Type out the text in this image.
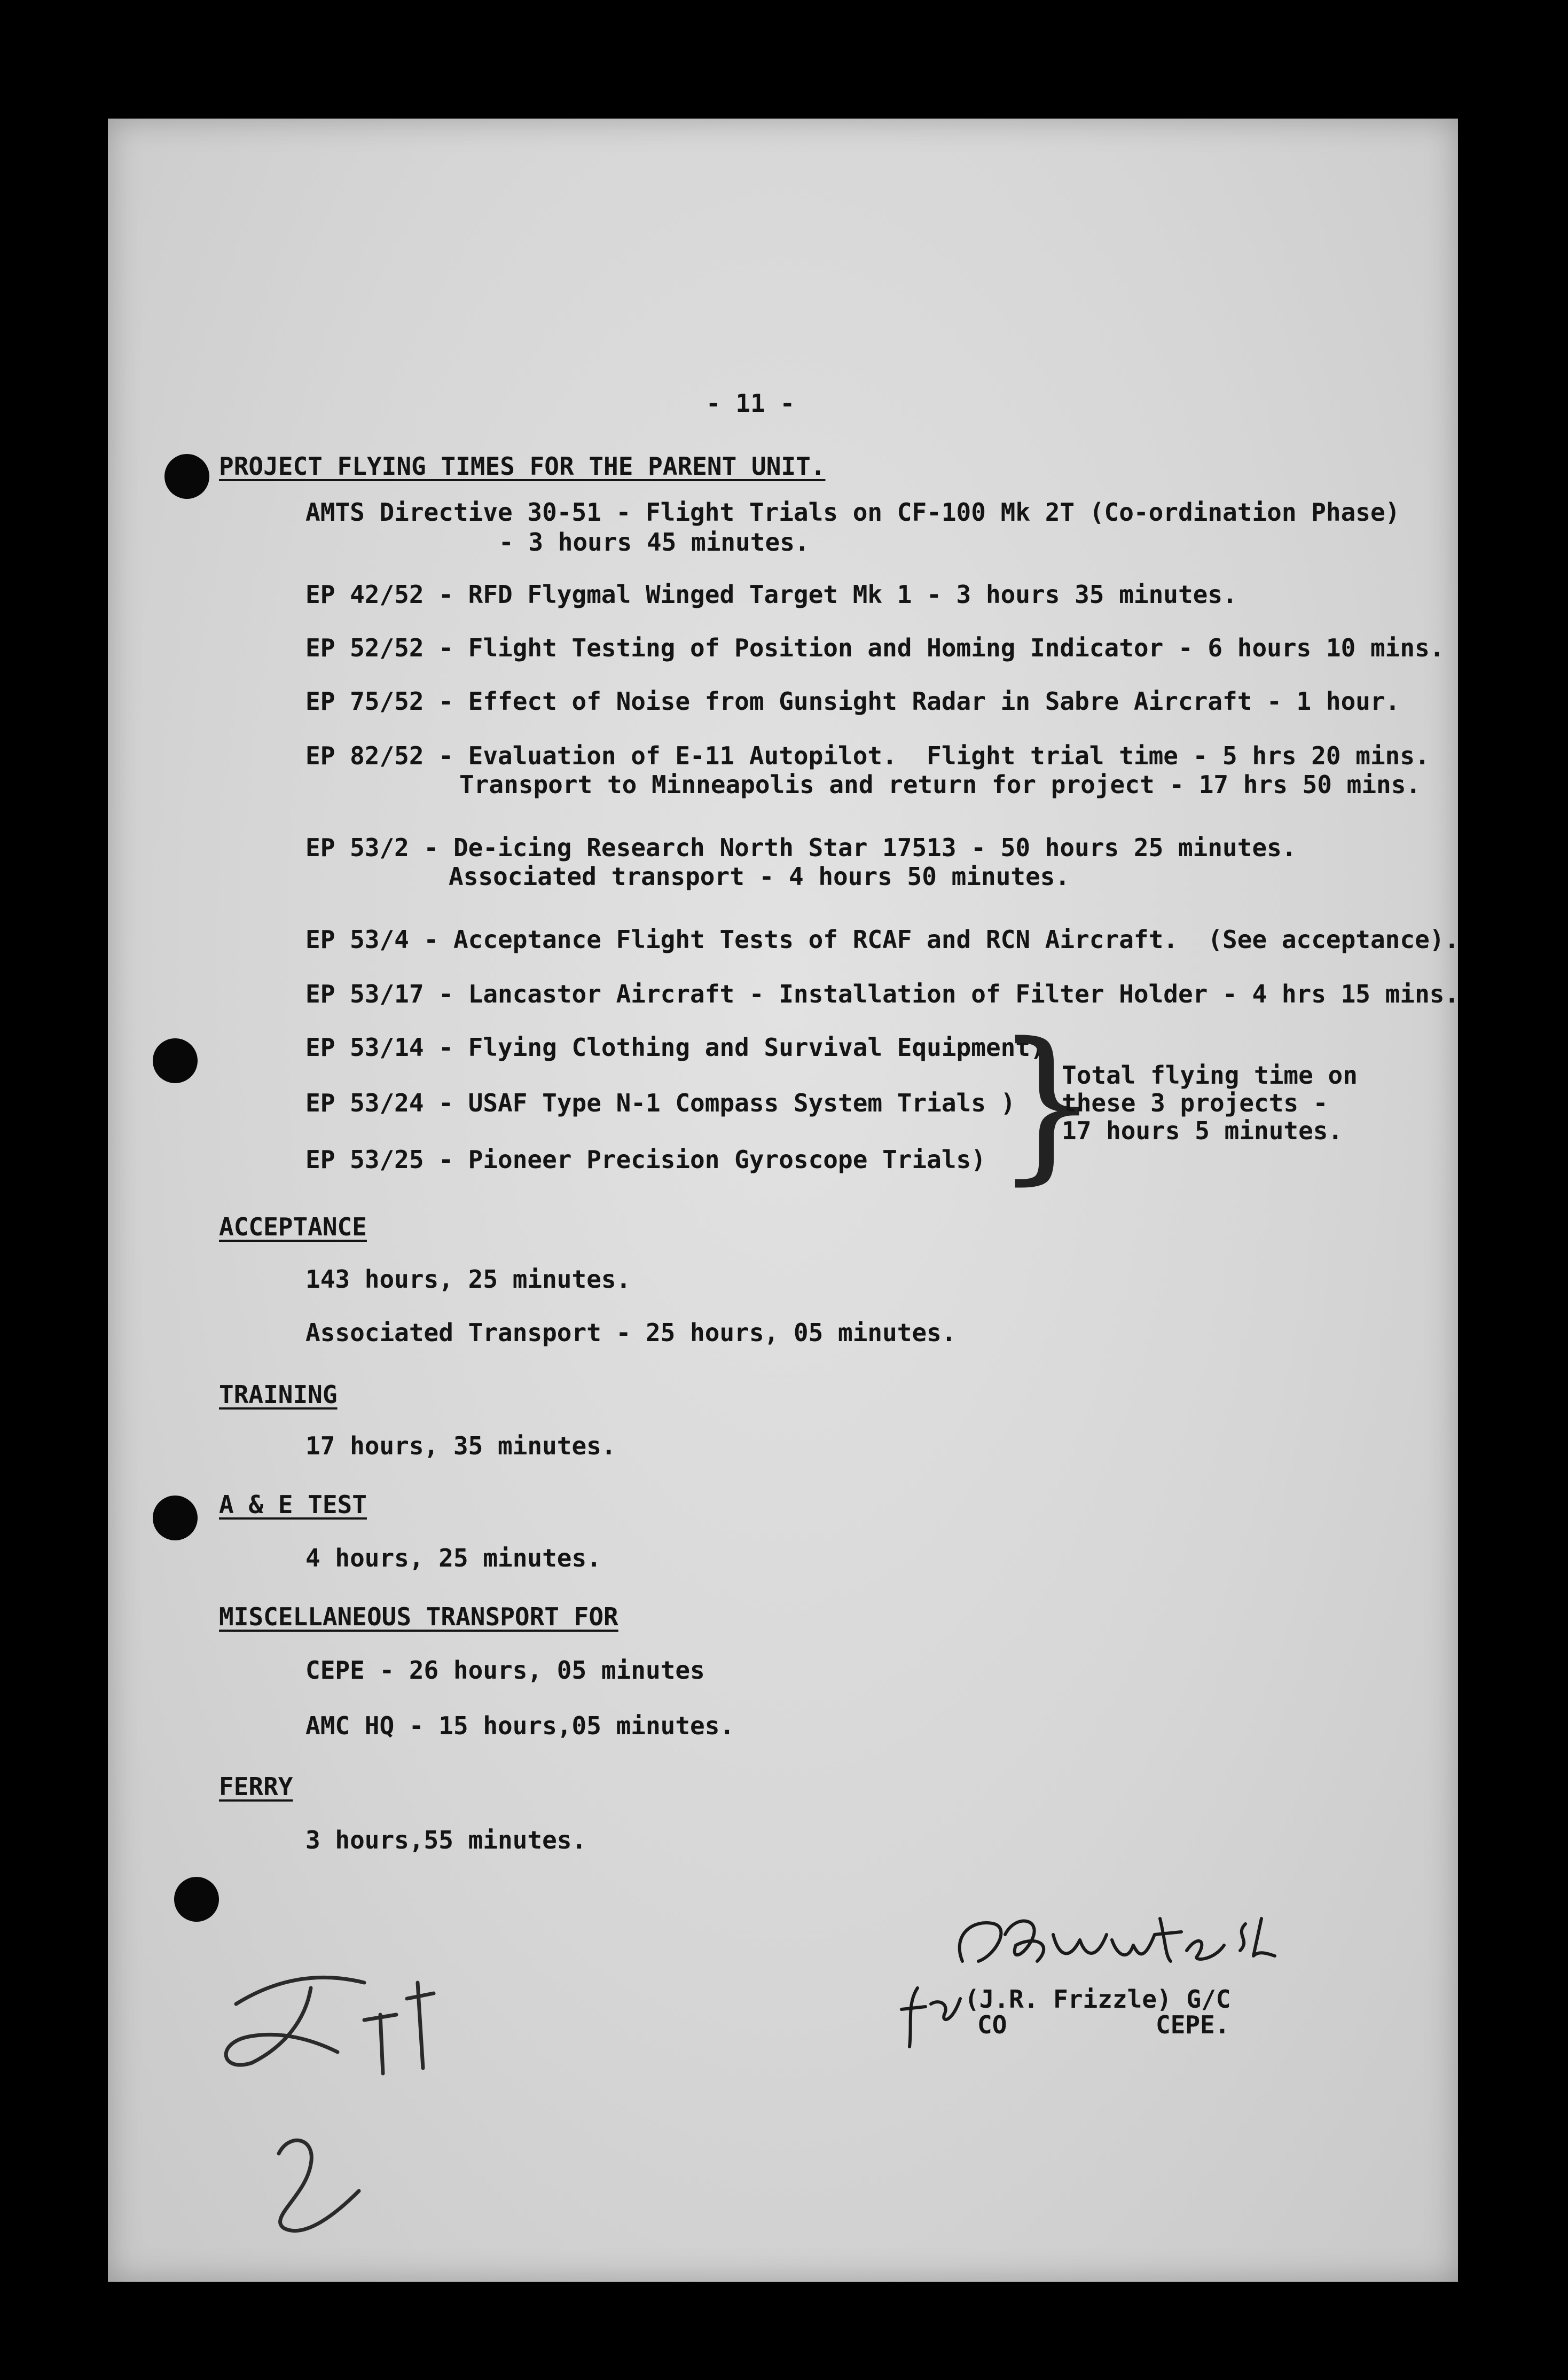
- 11 -
PROJECT FLYING TIMES FOR THE PARENT UNIT.
AMTS Directive 30-51 - Flight Trials on CF-100 Mk 2T (Co-ordination Phase)
- 3 hours 45 minutes.
EP 42/52 - RFD Flygmal Winged Target Mk 1 - 3 hours 35 minutes.
EP 52/52 - Flight Testing of Position and Homing Indicator - 6 hours 10 mins.
EP 75/52 - Effect of Noise from Gunsight Radar in Sabre Aircraft - 1 hour.
EP 82/52 - Evaluation of E-11 Autopilot.  Flight trial time - 5 hrs 20 mins.
Transport to Minneapolis and return for project - 17 hrs 50 mins.
EP 53/2 - De-icing Research North Star 17513 - 50 hours 25 minutes.
Associated transport - 4 hours 50 minutes.
EP 53/4 - Acceptance Flight Tests of RCAF and RCN Aircraft.  (See acceptance).
EP 53/17 - Lancastor Aircraft - Installation of Filter Holder - 4 hrs 15 mins.
EP 53/14 - Flying Clothing and Survival Equipment)
EP 53/24 - USAF Type N-1 Compass System Trials )
EP 53/25 - Pioneer Precision Gyroscope Trials) }
Total flying time on
these 3 projects -
17 hours 5 minutes.
ACCEPTANCE
143 hours, 25 minutes.
Associated Transport - 25 hours, 05 minutes.
TRAINING
17 hours, 35 minutes.
A & E TEST
4 hours, 25 minutes.
MISCELLANEOUS TRANSPORT FOR
CEPE - 26 hours, 05 minutes
AMC HQ - 15 hours,05 minutes.
FERRY
3 hours,55 minutes.
(J.R. Frizzle) G/C
CO	CEPE.
